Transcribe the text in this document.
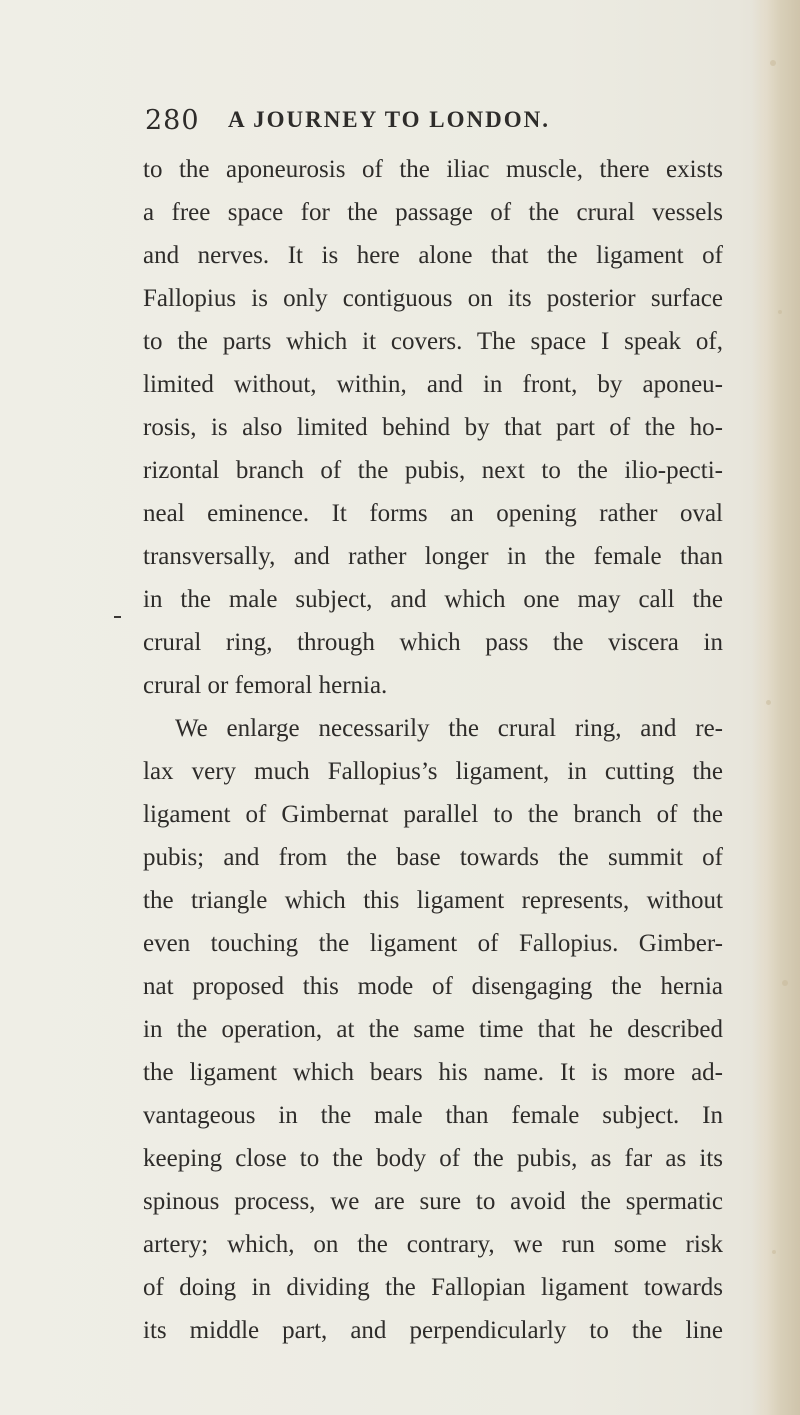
280 A JOURNEY TO LONDON.
to the aponeurosis of the iliac muscle, there exists
a free space for the passage of the crural vessels
and nerves. It is here alone that the ligament of
Fallopius is only contiguous on its posterior surface
to the parts which it covers. The space I speak of,
limited without, within, and in front, by aponeu-
rosis, is also limited behind by that part of the ho-
rizontal branch of the pubis, next to the ilio-pecti-
neal eminence. It forms an opening rather oval
transversally, and rather longer in the female than
in the male subject, and which one may call the
crural ring, through which pass the viscera in
crural or femoral hernia.
We enlarge necessarily the crural ring, and re-
lax very much Fallopius’s ligament, in cutting the
ligament of Gimbernat parallel to the branch of the
pubis; and from the base towards the summit of
the triangle which this ligament represents, without
even touching the ligament of Fallopius. Gimber-
nat proposed this mode of disengaging the hernia
in the operation, at the same time that he described
the ligament which bears his name. It is more ad-
vantageous in the male than female subject. In
keeping close to the body of the pubis, as far as its
spinous process, we are sure to avoid the spermatic
artery; which, on the contrary, we run some risk
of doing in dividing the Fallopian ligament towards
its middle part, and perpendicularly to the line
